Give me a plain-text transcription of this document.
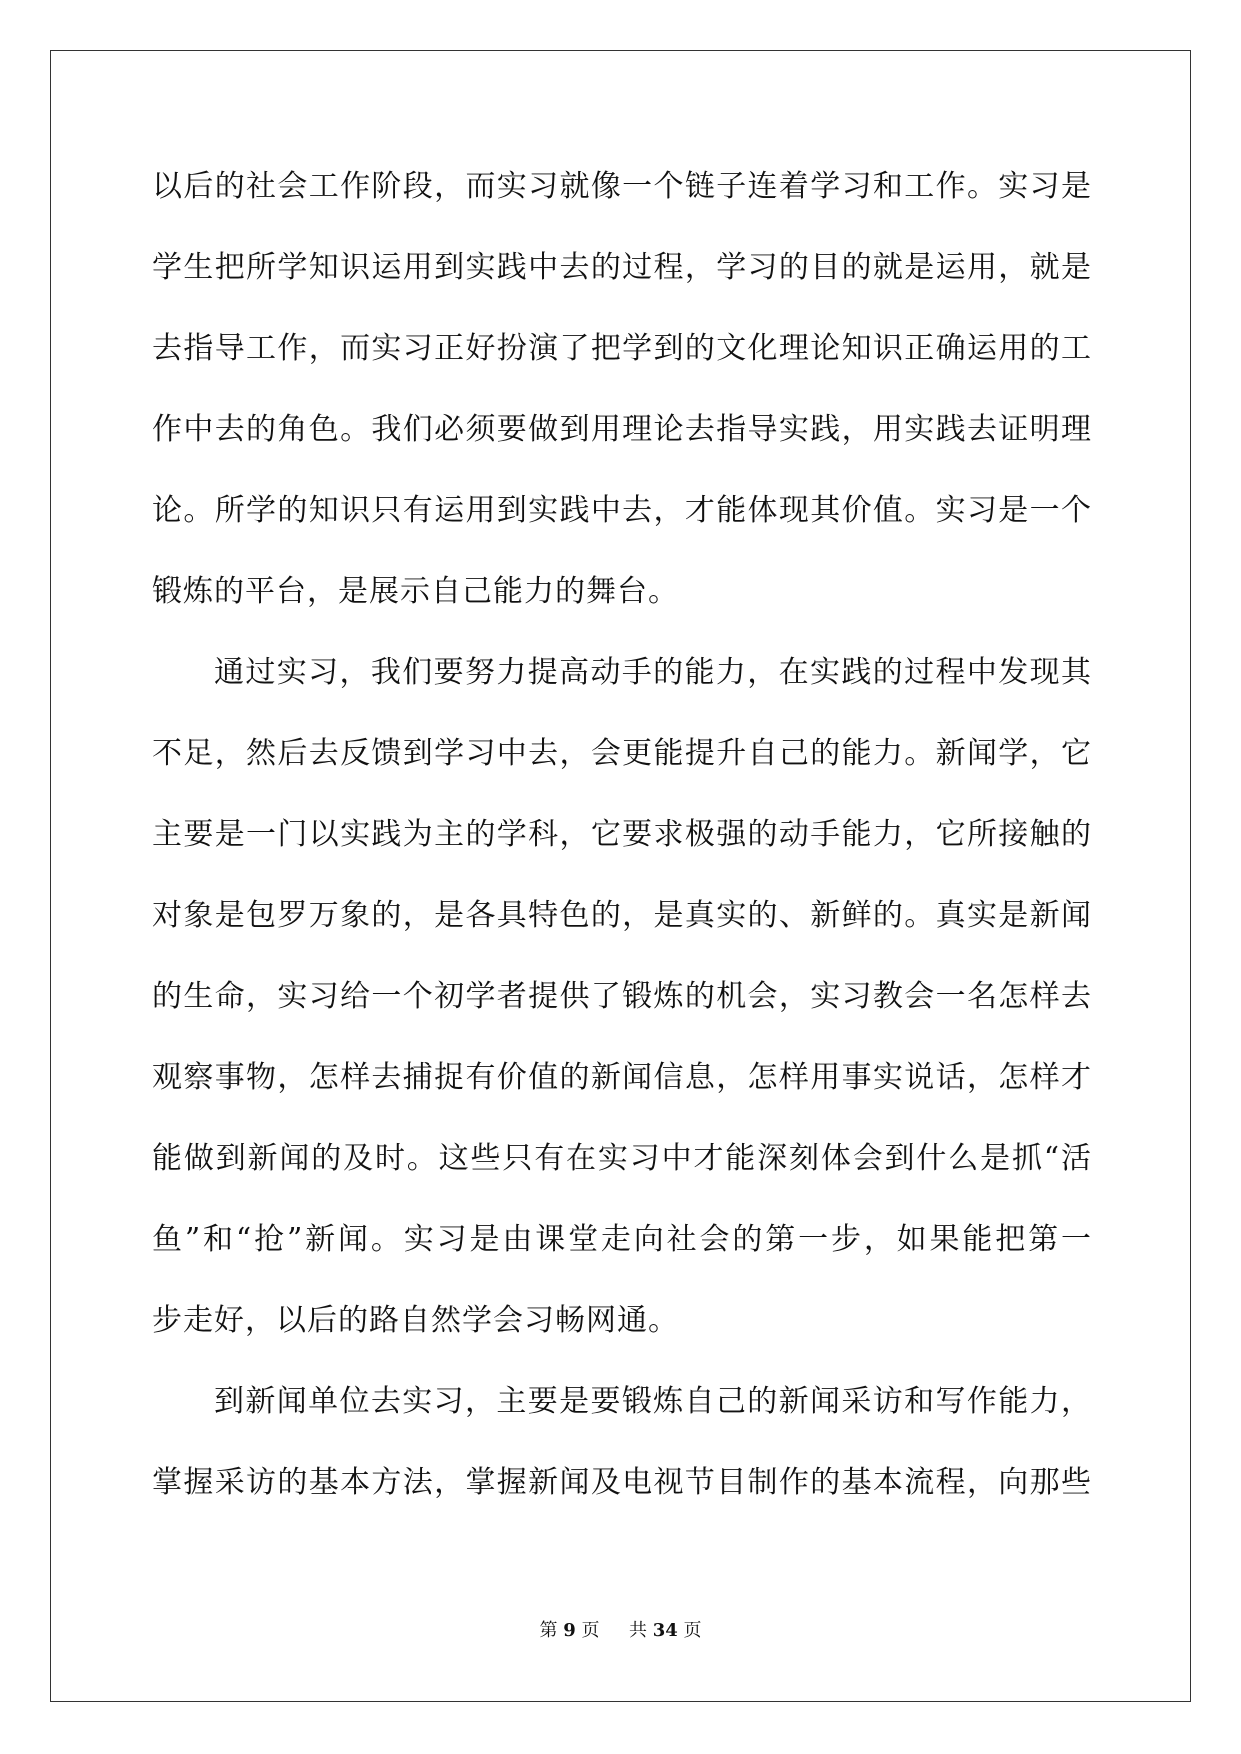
以后的社会工作阶段，而实习就像一个链子连着学习和工作。实习是
学生把所学知识运用到实践中去的过程，学习的目的就是运用，就是
去指导工作，而实习正好扮演了把学到的文化理论知识正确运用的工
作中去的角色。我们必须要做到用理论去指导实践，用实践去证明理
论。所学的知识只有运用到实践中去，才能体现其价值。实习是一个
锻炼的平台，是展示自己能力的舞台。
通过实习，我们要努力提高动手的能力，在实践的过程中发现其
不足，然后去反馈到学习中去，会更能提升自己的能力。新闻学，它
主要是一门以实践为主的学科，它要求极强的动手能力，它所接触的
对象是包罗万象的，是各具特色的，是真实的、新鲜的。真实是新闻
的生命，实习给一个初学者提供了锻炼的机会，实习教会一名怎样去
观察事物，怎样去捕捉有价值的新闻信息，怎样用事实说话，怎样才
能做到新闻的及时。这些只有在实习中才能深刻体会到什么是抓“活
鱼”和“抢”新闻。实习是由课堂走向社会的第一步，如果能把第一
步走好，以后的路自然学会习畅网通。
到新闻单位去实习，主要是要锻炼自己的新闻采访和写作能力，
掌握采访的基本方法，掌握新闻及电视节目制作的基本流程，向那些
第 9 页 共 34 页
